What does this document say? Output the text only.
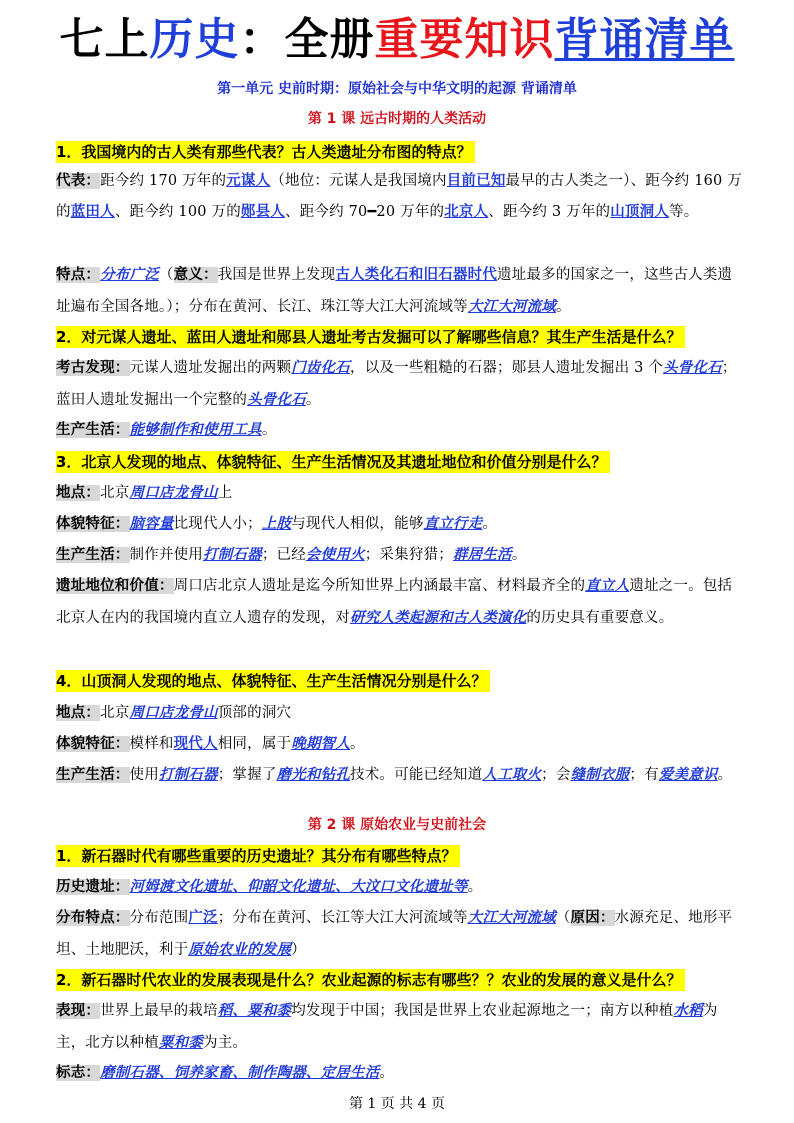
七上历史：全册重要知识背诵清单
第一单元 史前时期：原始社会与中华文明的起源 背诵清单
第 1 课 远古时期的人类活动
1．我国境内的古人类有那些代表？古人类遗址分布图的特点？
代表：距今约 170 万年的元谋人（地位：元谋人是我国境内目前已知最早的古人类之一）、距今约 160 万的蓝田人、距今约 100 万的郧县人、距今约 70━20 万年的北京人、距今约 3 万年的山顶洞人等。
特点：分布广泛（意义：我国是世界上发现古人类化石和旧石器时代遗址最多的国家之一，这些古人类遗址遍布全国各地。）；分布在黄河、长江、珠江等大江大河流域等大江大河流域。
2．对元谋人遗址、蓝田人遗址和郧县人遗址考古发掘可以了解哪些信息？其生产生活是什么？
考古发现：元谋人遗址发掘出的两颗门齿化石，以及一些粗糙的石器；郧县人遗址发掘出 3 个头骨化石；蓝田人遗址发掘出一个完整的头骨化石。
生产生活：能够制作和使用工具。
3．北京人发现的地点、体貌特征、生产生活情况及其遗址地位和价值分别是什么？
地点：北京周口店龙骨山上
体貌特征：脑容量比现代人小；上肢与现代人相似，能够直立行走。
生产生活：制作并使用打制石器；已经会使用火；采集狩猎；群居生活。
遗址地位和价值：周口店北京人遗址是迄今所知世界上内涵最丰富、材料最齐全的直立人遗址之一。包括北京人在内的我国境内直立人遗存的发现，对研究人类起源和古人类演化的历史具有重要意义。
4．山顶洞人发现的地点、体貌特征、生产生活情况分别是什么？
地点：北京周口店龙骨山顶部的洞穴
体貌特征：模样和现代人相同，属于晚期智人。
生产生活：使用打制石器；掌握了磨光和钻孔技术。可能已经知道人工取火；会缝制衣服；有爱美意识。
第 2 课 原始农业与史前社会
1．新石器时代有哪些重要的历史遗址？其分布有哪些特点？
历史遗址：河姆渡文化遗址、仰韶文化遗址、大汶口文化遗址等。
分布特点：分布范围广泛；分布在黄河、长江等大江大河流域等大江大河流域（原因：水源充足、地形平坦、土地肥沃，利于原始农业的发展）
2．新石器时代农业的发展表现是什么？农业起源的标志有哪些？？农业的发展的意义是什么？
表现：世界上最早的栽培稻、粟和黍均发现于中国；我国是世界上农业起源地之一；南方以种植水稻为主，北方以种植粟和黍为主。
标志：磨制石器、饲养家畜、制作陶器、定居生活。
第 1 页 共 4 页
